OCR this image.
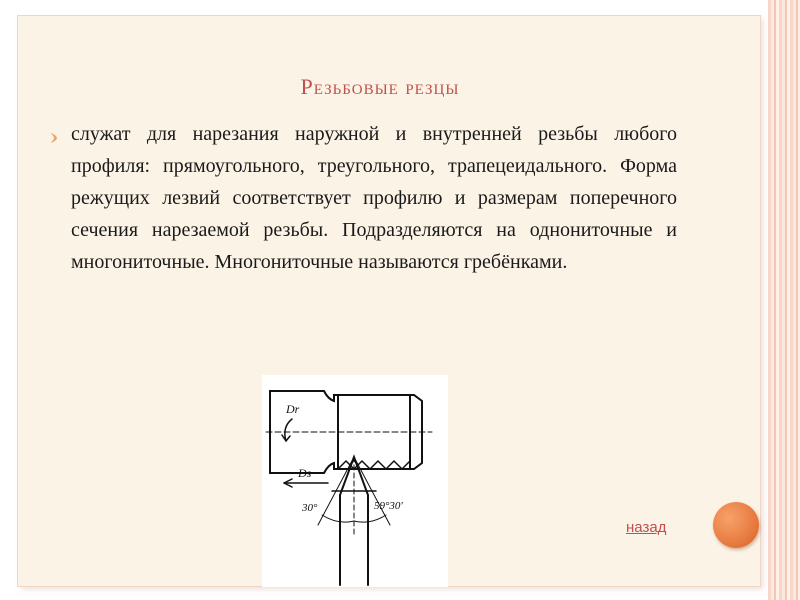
Резьбовые резцы
служат для нарезания наружной и внутренней резьбы любого профиля: прямоугольного, треугольного, трапецеидального. Форма режущих лезвий соответствует профилю и размерам поперечного сечения нарезаемой резьбы. Подразделяются на однониточные и многониточные. Многониточные называются гребёнками.
Dr
Ds
30°	59°30'
назад
